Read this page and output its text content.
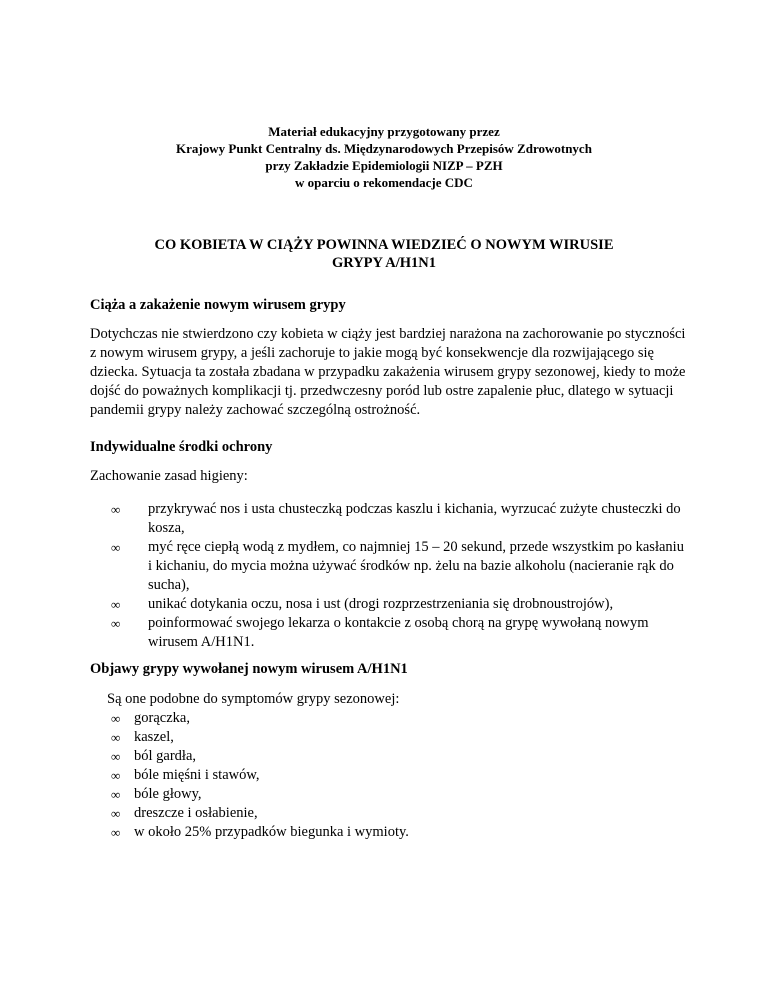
Materiał edukacyjny przygotowany przez
Krajowy Punkt Centralny ds. Międzynarodowych Przepisów Zdrowotnych
przy Zakładzie Epidemiologii NIZP – PZH
w oparciu o rekomendacje CDC
CO KOBIETA W CIĄŻY POWINNA WIEDZIEĆ O NOWYM WIRUSIE
GRYPY A/H1N1
Ciąża a zakażenie nowym wirusem grypy
Dotychczas nie stwierdzono czy kobieta w ciąży jest bardziej narażona na zachorowanie po styczności z nowym wirusem grypy, a jeśli zachoruje to jakie mogą być konsekwencje dla rozwijającego się dziecka. Sytuacja ta została zbadana w przypadku zakażenia wirusem grypy sezonowej, kiedy to może dojść do poważnych komplikacji tj. przedwczesny poród lub ostre zapalenie płuc, dlatego w sytuacji pandemii grypy należy zachować szczególną ostrożność.
Indywidualne środki ochrony
Zachowanie zasad higieny:
∞ przykrywać nos i usta chusteczką podczas kaszlu i kichania, wyrzucać zużyte chusteczki do kosza,
∞ myć ręce ciepłą wodą z mydłem, co najmniej 15 – 20 sekund, przede wszystkim po kasłaniu i kichaniu, do mycia można używać środków np. żelu na bazie alkoholu (nacieranie rąk do sucha),
∞ unikać dotykania oczu, nosa i ust (drogi rozprzestrzeniania się drobnoustrojów),
∞ poinformować swojego lekarza o kontakcie z osobą chorą na grypę wywołaną nowym wirusem A/H1N1.
Objawy grypy wywołanej nowym wirusem A/H1N1
Są one podobne do symptomów grypy sezonowej:
∞ gorączka,
∞ kaszel,
∞ ból gardła,
∞ bóle mięśni i stawów,
∞ bóle głowy,
∞ dreszcze i osłabienie,
∞ w około 25% przypadków biegunka i wymioty.
